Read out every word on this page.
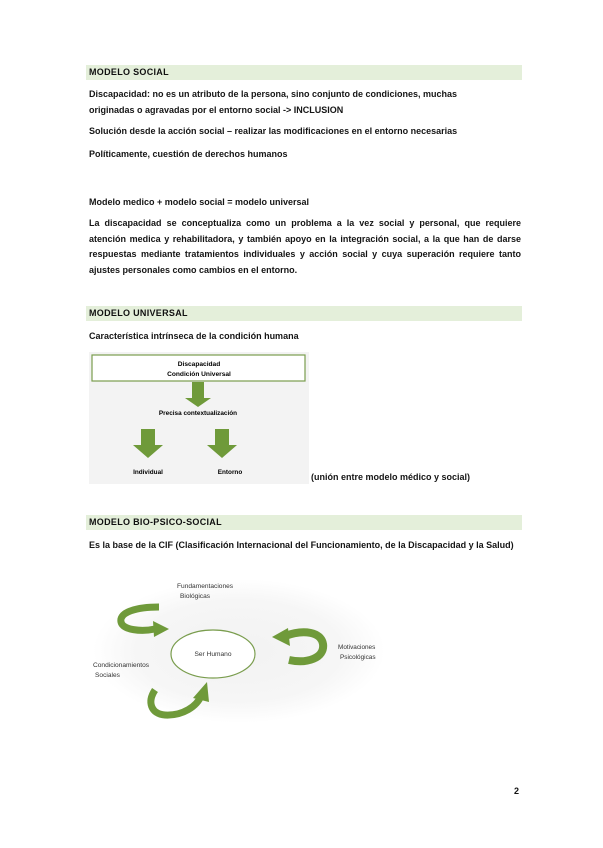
MODELO SOCIAL
Discapacidad: no es un atributo de la persona, sino conjunto de condiciones, muchas
originadas o agravadas por el entorno social -> INCLUSION
Solución desde la acción social – realizar las modificaciones en el entorno necesarias
Políticamente, cuestión de derechos humanos
Modelo medico + modelo social = modelo universal
La discapacidad se conceptualiza como un problema a la vez social y personal, que requiere atención medica y rehabilitadora, y también apoyo en la integración social, a la que han de darse respuestas mediante tratamientos individuales y acción social y cuya superación requiere tanto ajustes personales como cambios en el entorno.
MODELO UNIVERSAL
Característica intrínseca de la condición humana
Discapacidad
Condición Universal
Precisa contextualización
Individual	Entorno	(unión entre modelo médico y social)
MODELO BIO-PSICO-SOCIAL
Es la base de la CIF (Clasificación Internacional del Funcionamiento, de la Discapacidad y la Salud)
Ser Humano
Fundamentaciones
Biológicas
Motivaciones
Psicológicas
Condicionamientos
Sociales
2
